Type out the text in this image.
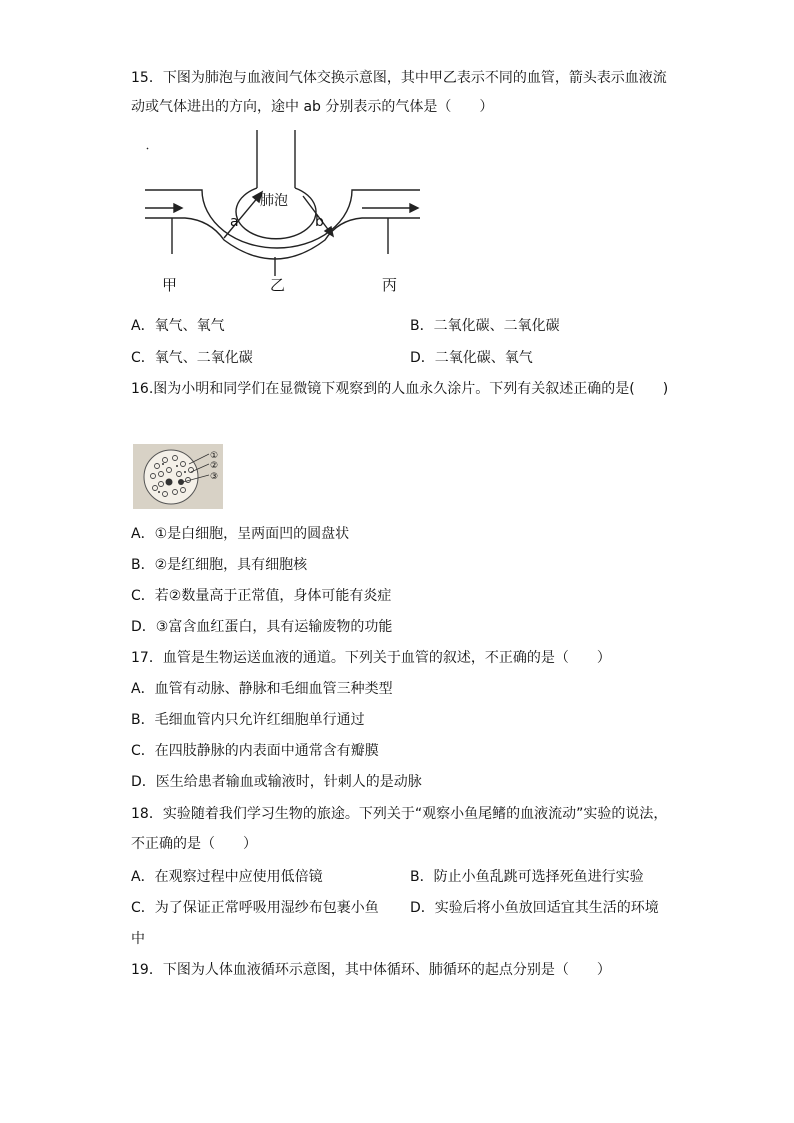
15．下图为肺泡与血液间气体交换示意图，其中甲乙表示不同的血管，箭头表示血液流
动或气体进出的方向，途中 ab 分别表示的气体是（　　）
肺泡
a	b
甲	乙	丙
A．氧气、氧气	B．二氧化碳、二氧化碳
C．氧气、二氧化碳	D．二氧化碳、氧气
16.图为小明和同学们在显微镜下观察到的人血永久涂片。下列有关叙述正确的是(　　)
①
②
③
A．①是白细胞，呈两面凹的圆盘状
B．②是红细胞，具有细胞核
C．若②数量高于正常值，身体可能有炎症
D．③富含血红蛋白，具有运输废物的功能
17．血管是生物运送血液的通道。下列关于血管的叙述，不正确的是（　　）
A．血管有动脉、静脉和毛细血管三种类型
B．毛细血管内只允许红细胞单行通过
C．在四肢静脉的内表面中通常含有瓣膜
D．医生给患者输血或输液时，针刺人的是动脉
18．实验随着我们学习生物的旅途。下列关于“观察小鱼尾鳍的血液流动”实验的说法，
不正确的是（　　）
A．在观察过程中应使用低倍镜	B．防止小鱼乱跳可选择死鱼进行实验
C．为了保证正常呼吸用湿纱布包裹小鱼 D．实验后将小鱼放回适宜其生活的环境
中
19．下图为人体血液循环示意图，其中体循环、肺循环的起点分别是（　　）
